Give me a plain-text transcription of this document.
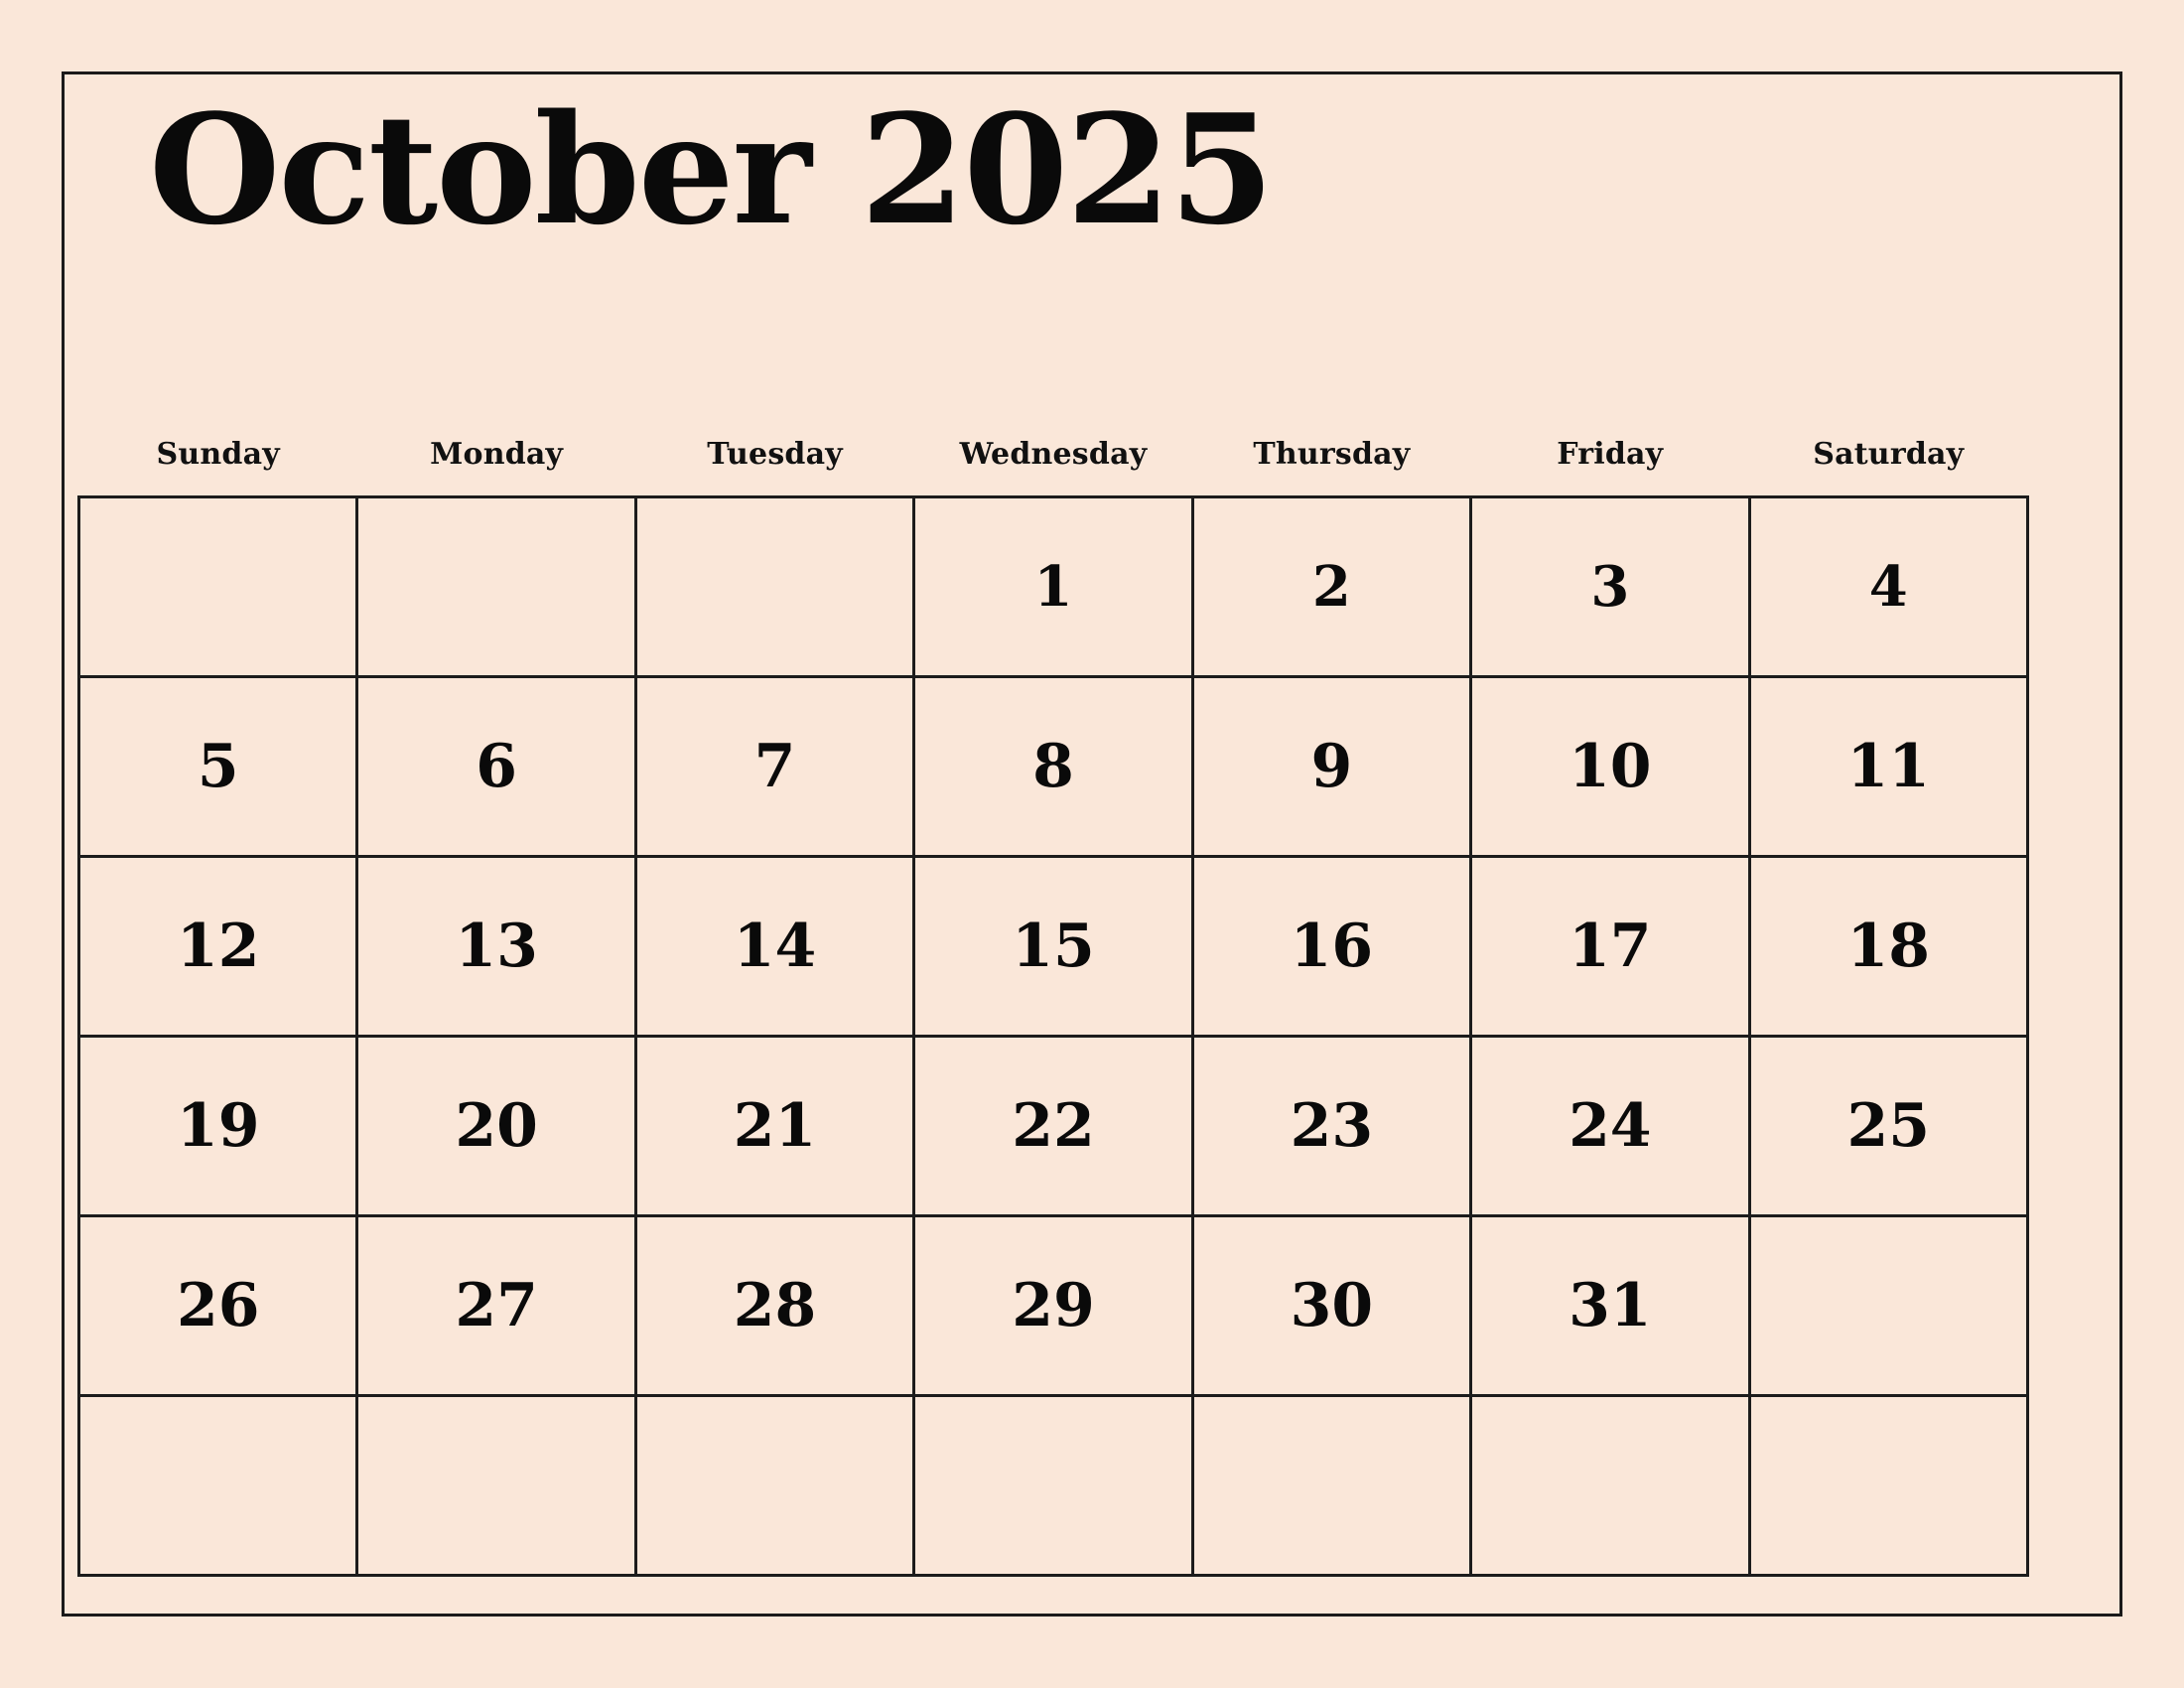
October 2025
Sunday	Monday	Tuesday	Wednesday	Thursday	Friday	Saturday

			1	2	3	4

5	6	7	8	9	10	11

12	13	14	15	16	17	18

19	20	21	22	23	24	25

26	27	28	29	30	31	
